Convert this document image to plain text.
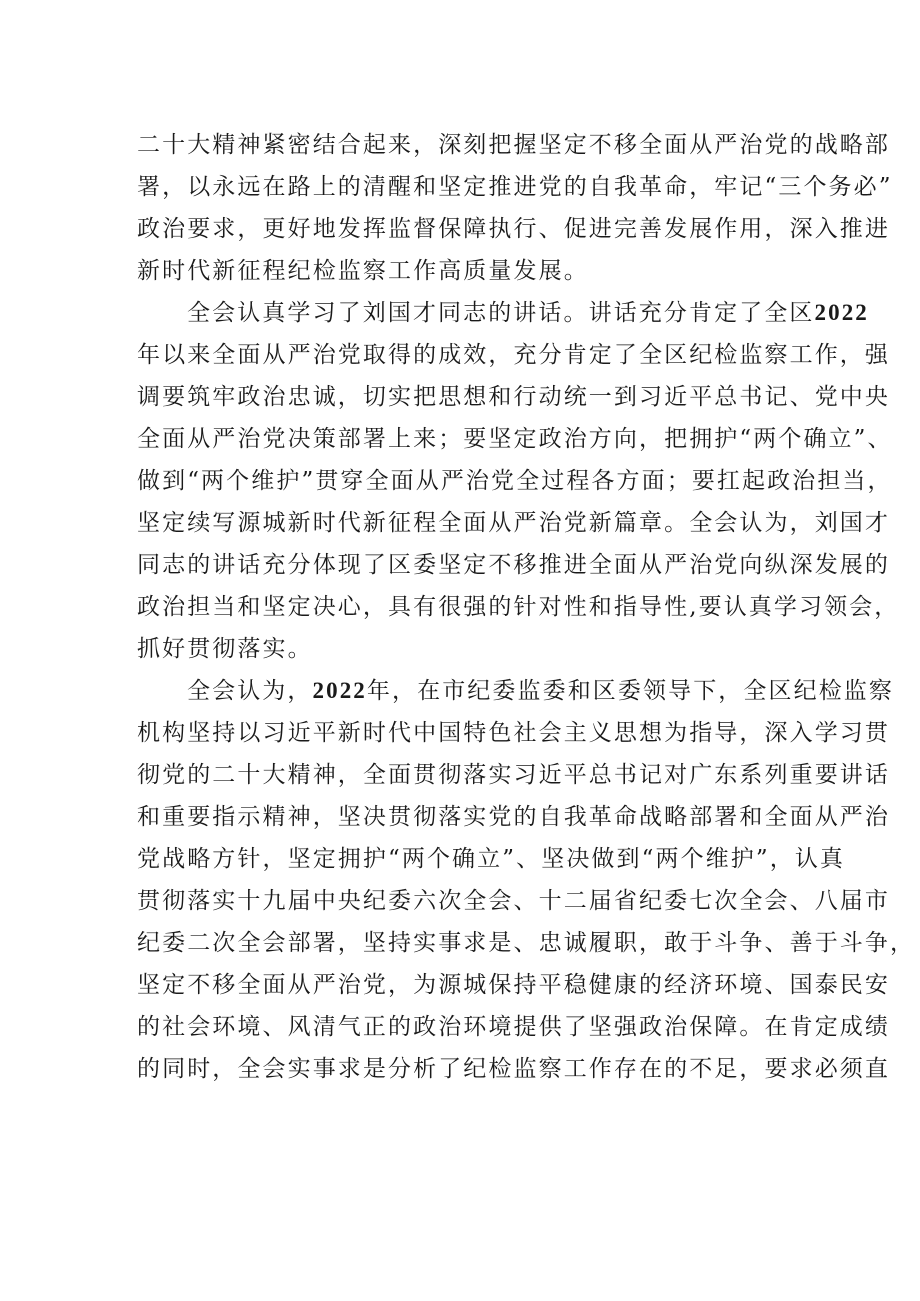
二十大精神紧密结合起来，深刻把握坚定不移全面从严治党的战略部
署，以永远在路上的清醒和坚定推进党的自我革命，牢记“三个务必”
政治要求，更好地发挥监督保障执行、促进完善发展作用，深入推进
新时代新征程纪检监察工作高质量发展。
全会认真学习了刘国才同志的讲话。讲话充分肯定了全区2022
年以来全面从严治党取得的成效，充分肯定了全区纪检监察工作，强
调要筑牢政治忠诚，切实把思想和行动统一到习近平总书记、党中央
全面从严治党决策部署上来；要坚定政治方向，把拥护“两个确立”、
做到“两个维护”贯穿全面从严治党全过程各方面；要扛起政治担当，
坚定续写源城新时代新征程全面从严治党新篇章。全会认为，刘国才
同志的讲话充分体现了区委坚定不移推进全面从严治党向纵深发展的
政治担当和坚定决心，具有很强的针对性和指导性,要认真学习领会，
抓好贯彻落实。
全会认为，2022年，在市纪委监委和区委领导下，全区纪检监察
机构坚持以习近平新时代中国特色社会主义思想为指导，深入学习贯
彻党的二十大精神，全面贯彻落实习近平总书记对广东系列重要讲话
和重要指示精神，坚决贯彻落实党的自我革命战略部署和全面从严治
党战略方针，坚定拥护“两个确立”、坚决做到“两个维护”，认真
贯彻落实十九届中央纪委六次全会、十二届省纪委七次全会、八届市
纪委二次全会部署，坚持实事求是、忠诚履职，敢于斗争、善于斗争，
坚定不移全面从严治党，为源城保持平稳健康的经济环境、国泰民安
的社会环境、风清气正的政治环境提供了坚强政治保障。在肯定成绩
的同时，全会实事求是分析了纪检监察工作存在的不足，要求必须直
